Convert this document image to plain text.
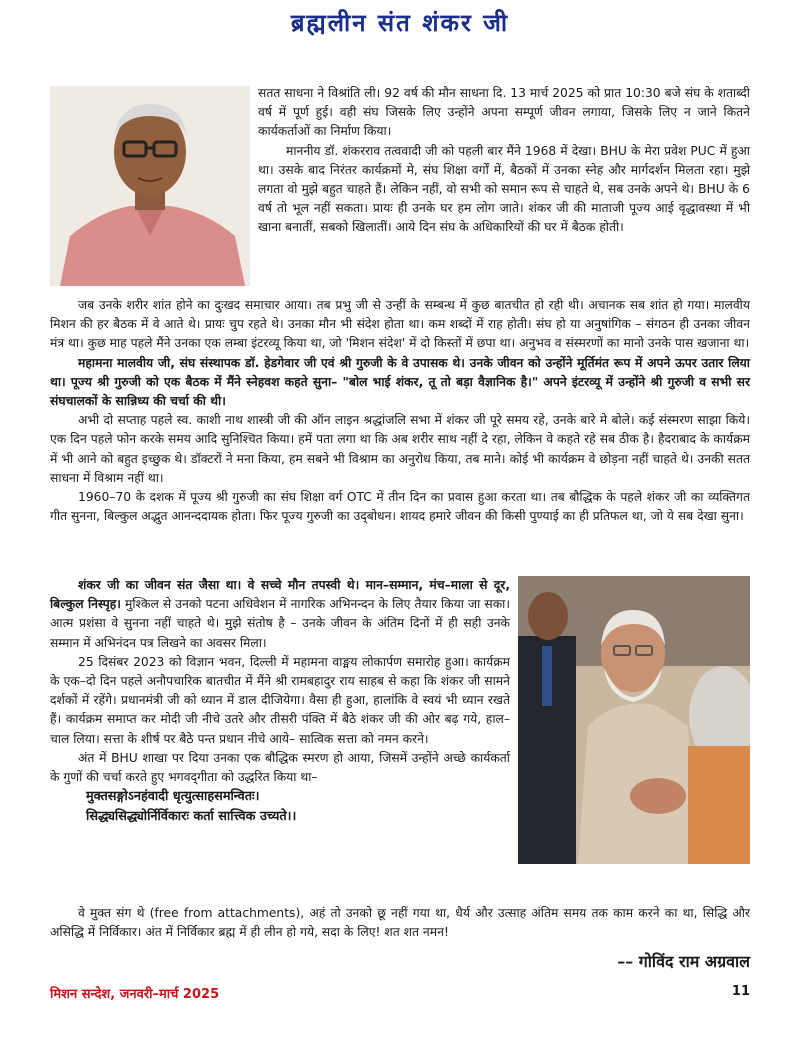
ब्रह्मलीन संत शंकर जी

सतत साधना ने विश्रांति ली। 92 वर्ष की मौन साधना दि. 13 मार्च 2025 को प्रात 10:30 बजे संघ के शताब्दी वर्ष में पूर्ण हुई। वही संघ जिसके लिए उन्होंने अपना सम्पूर्ण जीवन लगाया, जिसके लिए न जाने कितने कार्यकर्ताओं का निर्माण किया।

माननीय डॉ. शंकरराव तत्ववादी जी को पहली बार मैंने 1968 में देखा। BHU के मेरा प्रवेश PUC में हुआ था। उसके बाद निरंतर कार्यक्रमों मे, संघ शिक्षा वर्गों में, बैठकों में उनका स्नेह और मार्गदर्शन मिलता रहा। मुझे लगता वो मुझे बहुत चाहते हैं। लेकिन नहीं, वो सभी को समान रूप से चाहते थे, सब उनके अपने थे। BHU के 6 वर्ष तो भूल नहीं सकता। प्रायः ही उनके घर हम लोग जाते। शंकर जी की माताजी पूज्य आई वृद्धावस्था में भी खाना बनातीं, सबको खिलातीं। आये दिन संघ के अधिकारियों की घर में बैठक होती।

जब उनके शरीर शांत होने का दुःखद समाचार आया। तब प्रभु जी से उन्हीं के सम्बन्ध में कुछ बातचीत हो रही थी। अचानक सब शांत हो गया। मालवीय मिशन की हर बैठक में वे आते थे। प्रायः चुप रहते थे। उनका मौन भी संदेश होता था। कम शब्दों में राह होती। संघ हो या अनुषांगिक – संगठन ही उनका जीवन मंत्र था। कुछ माह पहले मैंने उनका एक लम्बा इंटरव्यू किया था, जो 'मिशन संदेश' में दो किस्तों में छपा था। अनुभव व संस्मरणों का मानो उनके पास खजाना था।

महामना मालवीय जी, संघ संस्थापक डॉ. हेडगेवार जी एवं श्री गुरुजी के वे उपासक थे। उनके जीवन को उन्होंने मूर्तिमंत रूप में अपने ऊपर उतार लिया था। पूज्य श्री गुरुजी को एक बैठक में मैंने स्नेहवश कहते सुना– "बोल भाई शंकर, तू तो बड़ा वैज्ञानिक है।" अपने इंटरव्यू में उन्होंने श्री गुरुजी व सभी सर संघचालकों के सान्निध्य की चर्चा की थी।

अभी दो सप्ताह पहले स्व. काशी नाथ शास्त्री जी की ऑन लाइन श्रद्धांजलि सभा में शंकर जी पूरे समय रहे, उनके बारे मे बोले। कई संस्मरण साझा किये। एक दिन पहले फोन करके समय आदि सुनिश्चित किया। हमें पता लगा था कि अब शरीर साथ नहीं दे रहा, लेकिन वे कहते रहे सब ठीक है। हैदराबाद के कार्यक्रम में भी आने को बहुत इच्छुक थे। डॉक्टरों ने मना किया, हम सबने भी विश्राम का अनुरोध किया, तब माने। कोई भी कार्यक्रम वे छोड़ना नहीं चाहते थे। उनकी सतत साधना में विश्राम नहीं था।

1960–70 के दशक में पूज्य श्री गुरुजी का संघ शिक्षा वर्ग OTC में तीन दिन का प्रवास हुआ करता था। तब बौद्धिक के पहले शंकर जी का व्यक्तिगत गीत सुनना, बिल्कुल अद्भुत आनन्ददायक होता। फिर पूज्य गुरुजी का उद्‌बोधन। शायद हमारे जीवन की किसी पुण्याई का ही प्रतिफल था, जो ये सब देखा सुना।

शंकर जी का जीवन संत जैसा था। वे सच्चे मौन तपस्वी थे। मान–सम्मान, मंच–माला से दूर, बिल्कुल निस्पृह। मुश्किल से उनको पटना अधिवेशन में नागरिक अभिनन्दन के लिए तैयार किया जा सका। आत्म प्रशंसा वे सुनना नहीं चाहते थे। मुझे संतोष है – उनके जीवन के अंतिम दिनों में ही सही उनके सम्मान में अभिनंदन पत्र लिखने का अवसर मिला।

25 दिसंबर 2023 को विज्ञान भवन, दिल्ली में महामना वाङ्मय लोकार्पण समारोह हुआ। कार्यक्रम के एक–दो दिन पहले अनौपचारिक बातचीत में मैंने श्री रामबहादुर राय साहब से कहा कि शंकर जी सामने दर्शकों में रहेंगे। प्रधानमंत्री जी को ध्यान में डाल दीजियेगा। वैसा ही हुआ, हालांकि वे स्वयं भी ध्यान रखते हैं। कार्यक्रम समाप्त कर मोदी जी नीचे उतरे और तीसरी पंक्ति में बैठे शंकर जी की ओर बढ़ गये, हाल–चाल लिया। सत्ता के शीर्ष पर बैठे पन्त प्रधान नीचे आये– सात्विक सत्ता को नमन करने।

अंत में BHU शाखा पर दिया उनका एक बौद्धिक स्मरण हो आया, जिसमें उन्होंने अच्छे कार्यकर्ता के गुणों की चर्चा करते हुए भगवद्‌गीता को उद्धरित किया था–

मुक्तसङ्गोऽनहंवादी धृत्युत्साहसमन्वितः।

सिद्ध्यसिद्ध्योर्निर्विकारः कर्ता सात्त्विक उच्यते।।

वे मुक्त संग थे (free from attachments), अहं तो उनको छू नहीं गया था, धैर्य और उत्साह अंतिम समय तक काम करने का था, सिद्धि और असिद्धि में निर्विकार। अंत में निर्विकार ब्रह्म में ही लीन हो गये, सदा के लिए! शत शत नमन!

–– गोविंद राम अग्रवाल
मिशन सन्देश, जनवरी–मार्च 2025	11
